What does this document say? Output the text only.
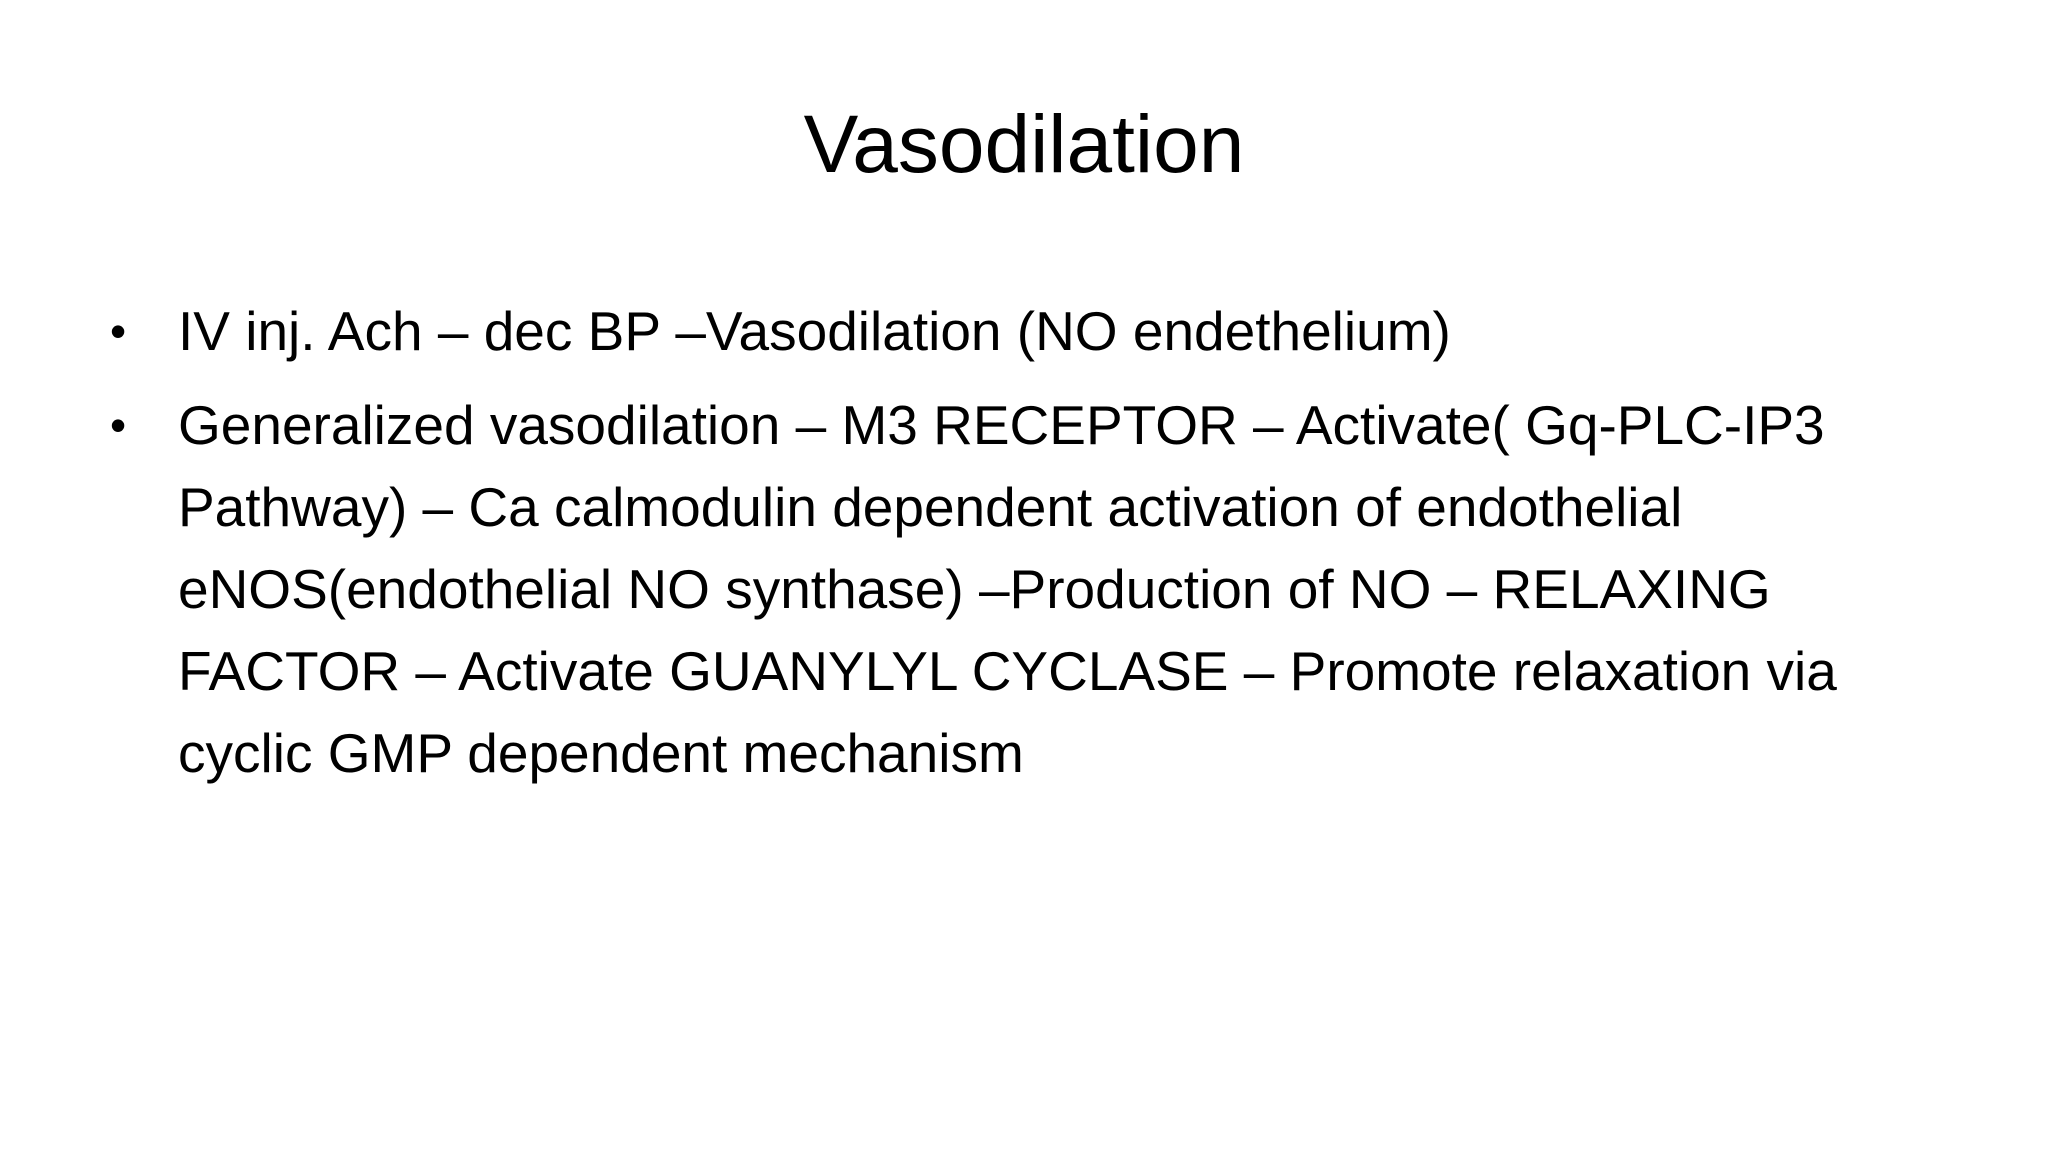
Vasodilation
• IV inj. Ach – dec BP –Vasodilation (NO endethelium)
• Generalized vasodilation – M3 RECEPTOR – Activate( Gq-PLC-IP3 Pathway) – Ca calmodulin dependent activation of endothelial eNOS(endothelial NO synthase) –Production of NO – RELAXING FACTOR – Activate GUANYLYL CYCLASE – Promote relaxation via cyclic GMP dependent mechanism
